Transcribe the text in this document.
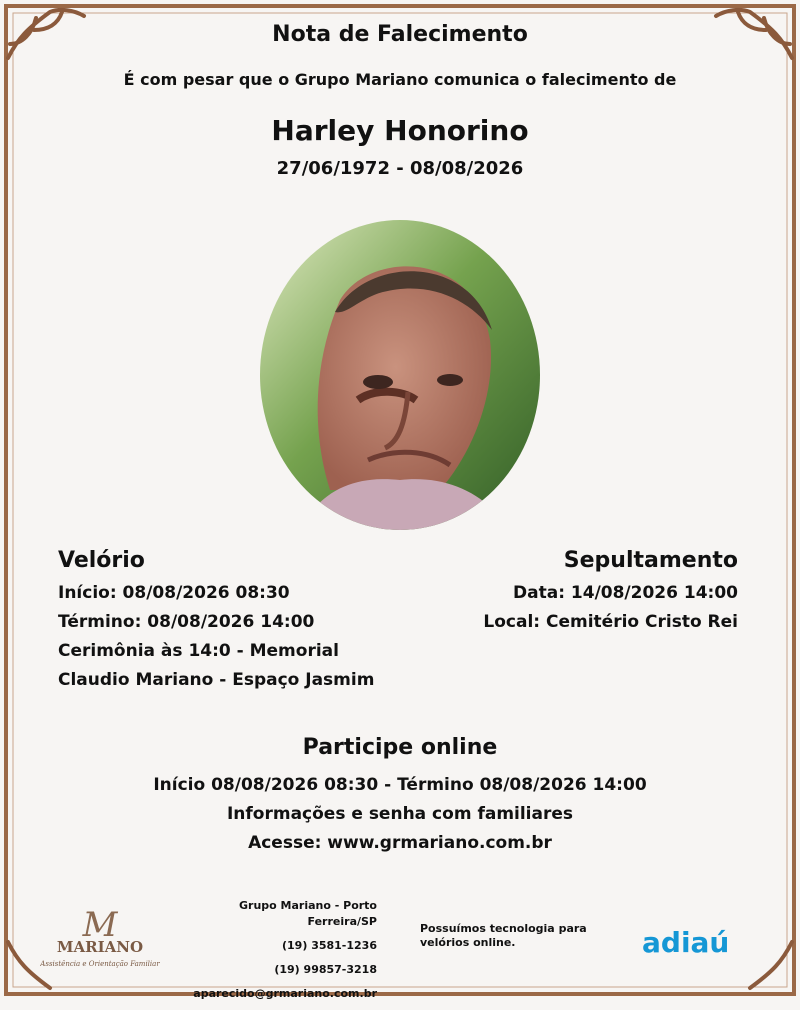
Nota de Falecimento
É com pesar que o Grupo Mariano comunica o falecimento de
Harley Honorino
27/06/1972 - 08/08/2026
Velório
Início: 08/08/2026 08:30
Término: 08/08/2026 14:00
Cerimônia às 14:0 - Memorial
Claudio Mariano - Espaço Jasmim
Sepultamento
Data: 14/08/2026 14:00
Local: Cemitério Cristo Rei
Participe online
Início 08/08/2026 08:30 - Término 08/08/2026 14:00
Informações e senha com familiares
Acesse: www.grmariano.com.br
M
MARIANO
Assistência e Orientação Familiar
Grupo Mariano - Porto Ferreira/SP
(19) 3581-1236
(19) 99857-3218
aparecido@grmariano.com.br
Possuímos tecnologia para velórios online.	adiaú
